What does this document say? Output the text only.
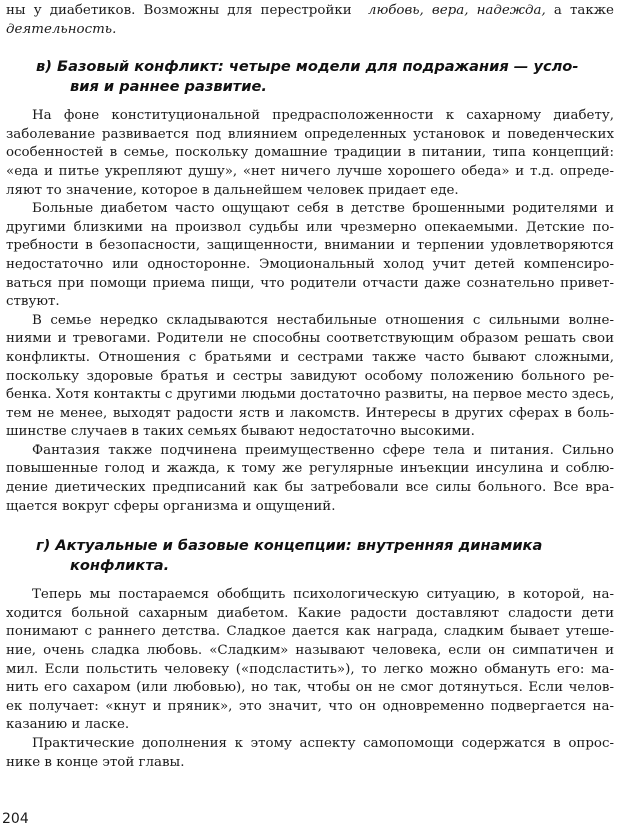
ны у диабетиков. Возможны для перестройки любовь, вера, надежда, а также
деятельность.

в) Базовый конфликт: четыре модели для подражания — усло-
вия и раннее развитие.

На фоне конституциональной предрасположенности к сахарному диабету,
заболевание развивается под влиянием определенных установок и поведенческих
особенностей в семье, поскольку домашние традиции в питании, типа концепций:
«еда и питье укрепляют душу», «нет ничего лучше хорошего обеда» и т.д. опреде-
ляют то значение, которое в дальнейшем человек придает еде.

Больные диабетом часто ощущают себя в детстве брошенными родителями и
другими близкими на произвол судьбы или чрезмерно опекаемыми. Детские по-
требности в безопасности, защищенности, внимании и терпении удовлетворяются
недостаточно или односторонне. Эмоциональный холод учит детей компенсиро-
ваться при помощи приема пищи, что родители отчасти даже сознательно привет-
ствуют.

В семье нередко складываются нестабильные отношения с сильными волне-
ниями и тревогами. Родители не способны соответствующим образом решать свои
конфликты. Отношения с братьями и сестрами также часто бывают сложными,
поскольку здоровые братья и сестры завидуют особому положению больного ре-
бенка. Хотя контакты с другими людьми достаточно развиты, на первое место здесь,
тем не менее, выходят радости яств и лакомств. Интересы в других сферах в боль-
шинстве случаев в таких семьях бывают недостаточно высокими.

Фантазия также подчинена преимущественно сфере тела и питания. Сильно
повышенные голод и жажда, к тому же регулярные инъекции инсулина и соблю-
дение диетических предписаний как бы затребовали все силы больного. Все вра-
щается вокруг сферы организма и ощущений.

г) Актуальные и базовые концепции: внутренняя динамика
конфликта.

Теперь мы постараемся обобщить психологическую ситуацию, в которой, на-
ходится больной сахарным диабетом. Какие радости доставляют сладости дети
понимают с раннего детства. Сладкое дается как награда, сладким бывает утеше-
ние, очень сладка любовь. «Сладким» называют человека, если он симпатичен и
мил. Если польстить человеку («подсластить»), то легко можно обмануть его: ма-
нить его сахаром (или любовью), но так, чтобы он не смог дотянуться. Если челов-
ек получает: «кнут и пряник», это значит, что он одновременно подвергается на-
казанию и ласке.

Практические дополнения к этому аспекту самопомощи содержатся в опрос-
нике в конце этой главы.

204
